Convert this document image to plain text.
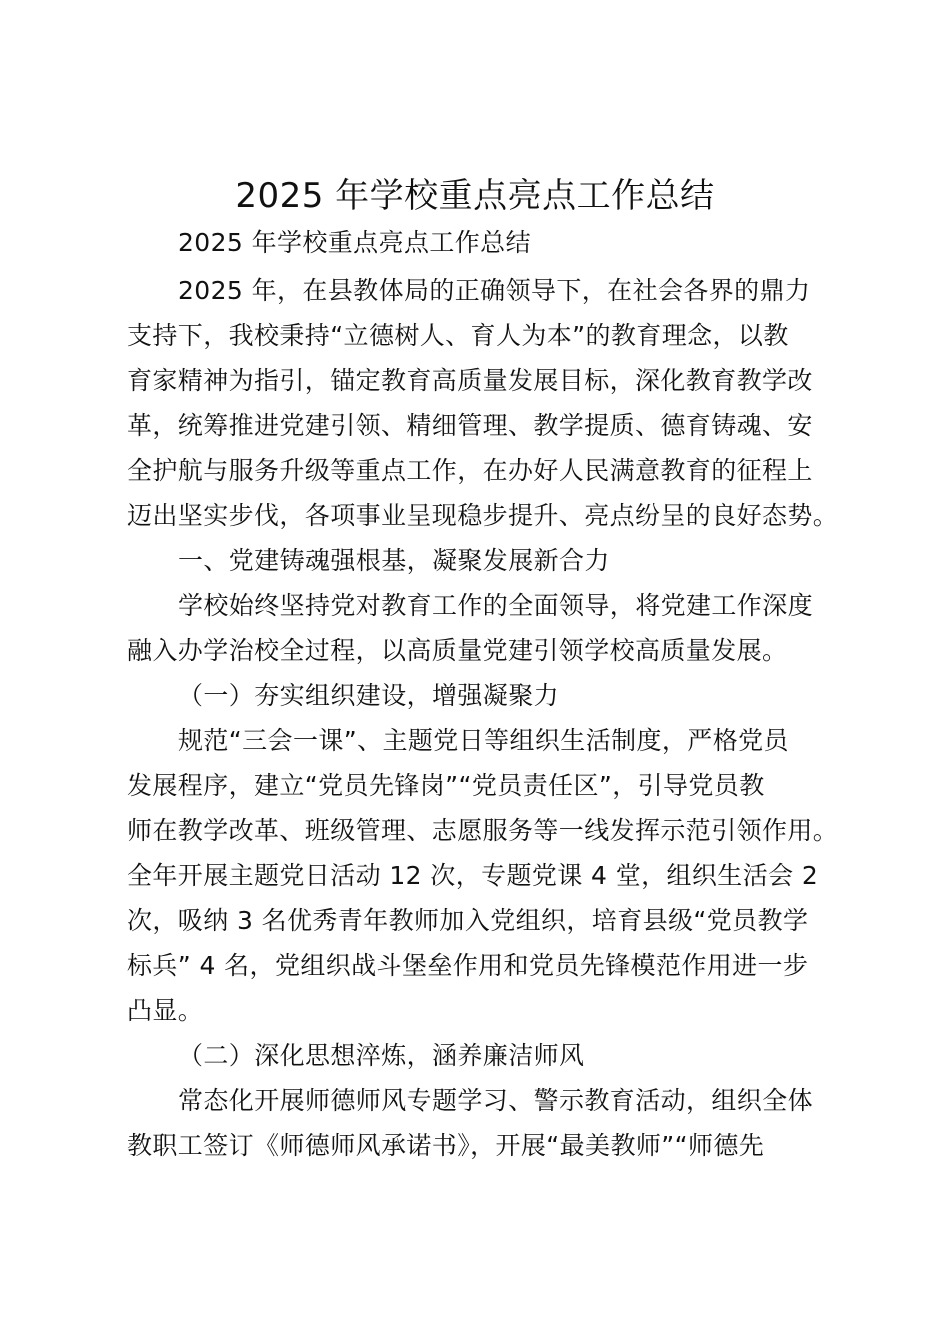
2025 年学校重点亮点工作总结
2025 年学校重点亮点工作总结
2025 年，在县教体局的正确领导下，在社会各界的鼎力
支持下，我校秉持“立德树人、育人为本”的教育理念，以教
育家精神为指引，锚定教育高质量发展目标，深化教育教学改
革，统筹推进党建引领、精细管理、教学提质、德育铸魂、安
全护航与服务升级等重点工作，在办好人民满意教育的征程上
迈出坚实步伐，各项事业呈现稳步提升、亮点纷呈的良好态势。
一、党建铸魂强根基，凝聚发展新合力
学校始终坚持党对教育工作的全面领导，将党建工作深度
融入办学治校全过程，以高质量党建引领学校高质量发展。
（一）夯实组织建设，增强凝聚力
规范“三会一课”、主题党日等组织生活制度，严格党员
发展程序，建立“党员先锋岗”“党员责任区”，引导党员教
师在教学改革、班级管理、志愿服务等一线发挥示范引领作用。
全年开展主题党日活动 12 次，专题党课 4 堂，组织生活会 2
次，吸纳 3 名优秀青年教师加入党组织，培育县级“党员教学
标兵” 4 名，党组织战斗堡垒作用和党员先锋模范作用进一步
凸显。
（二）深化思想淬炼，涵养廉洁师风
常态化开展师德师风专题学习、警示教育活动，组织全体
教职工签订《师德师风承诺书》，开展“最美教师”“师德先
